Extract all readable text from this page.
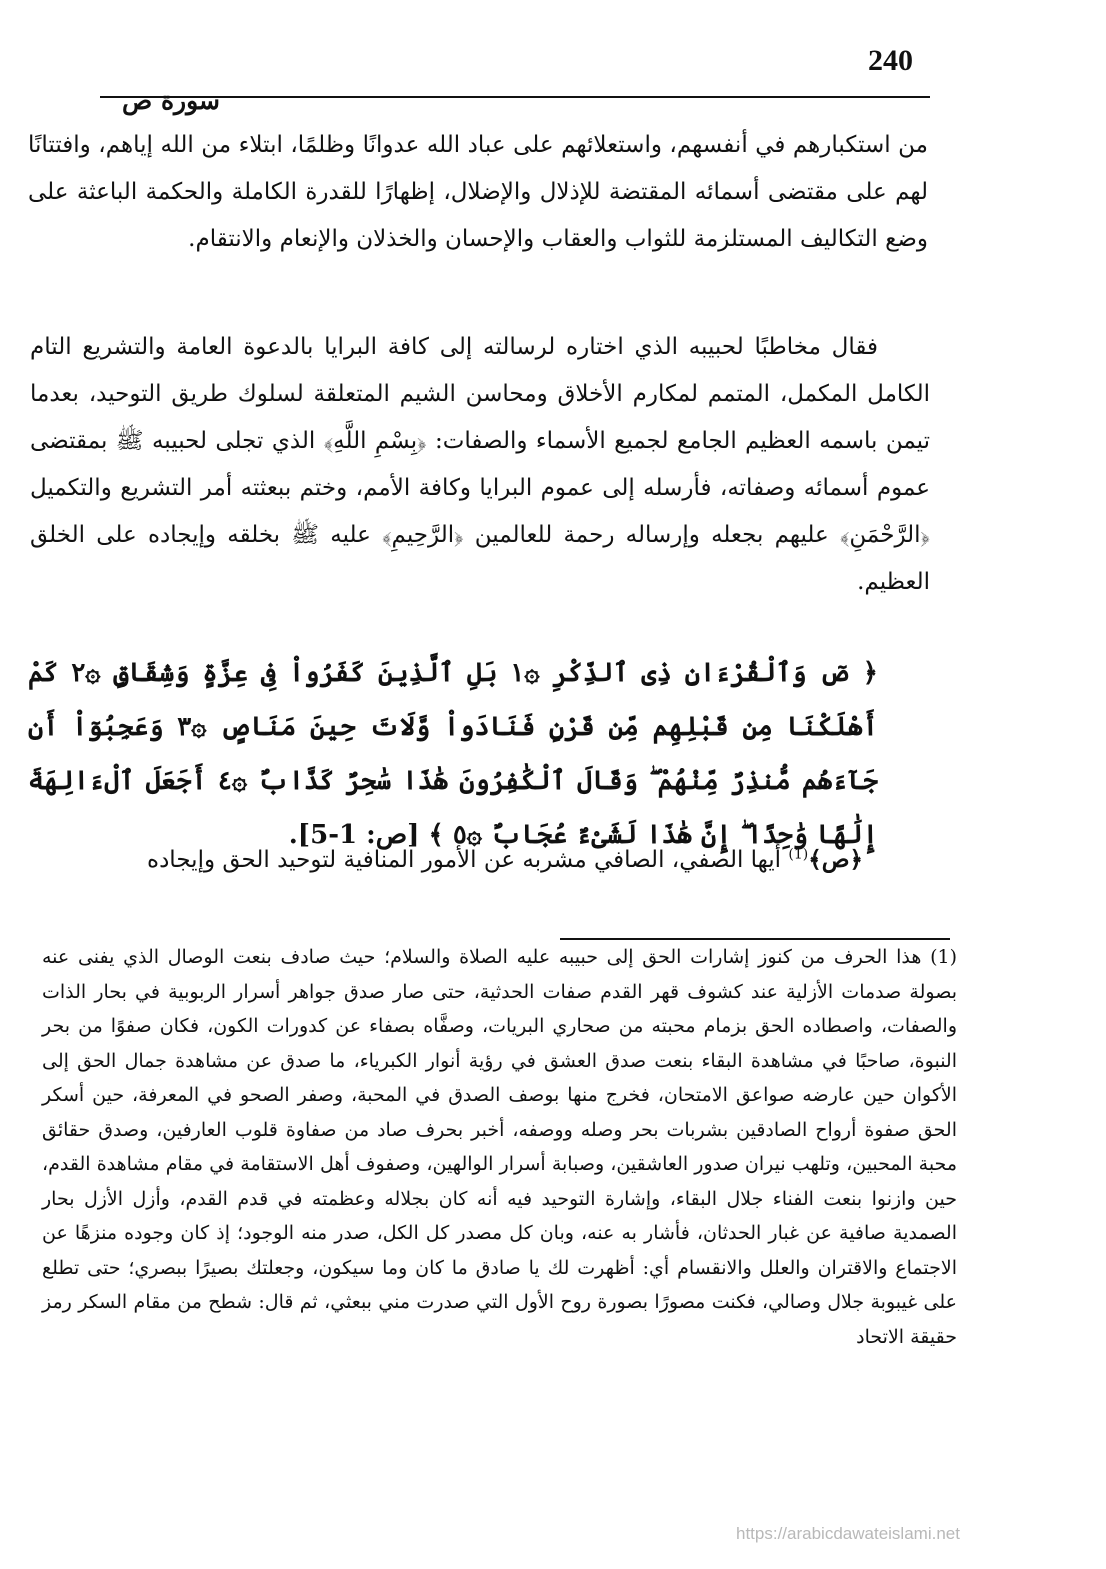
240
سورة ص
من استكبارهم في أنفسهم، واستعلائهم على عباد الله عدوانًا وظلمًا، ابتلاء من الله إياهم، وافتتانًا لهم على مقتضى أسمائه المقتضة للإذلال والإضلال، إظهارًا للقدرة الكاملة والحكمة الباعثة على وضع التكاليف المستلزمة للثواب والعقاب والإحسان والخذلان والإنعام والانتقام.
فقال مخاطبًا لحبيبه الذي اختاره لرسالته إلى كافة البرايا بالدعوة العامة والتشريع التام الكامل المكمل، المتمم لمكارم الأخلاق ومحاسن الشيم المتعلقة لسلوك طريق التوحيد، بعدما تيمن باسمه العظيم الجامع لجميع الأسماء والصفات: ﴿بِسْمِ اللَّهِ﴾ الذي تجلى لحبيبه ﷺ بمقتضى عموم أسمائه وصفاته، فأرسله إلى عموم البرايا وكافة الأمم، وختم ببعثته أمر التشريع والتكميل ﴿الرَّحْمَنِ﴾ عليهم بجعله وإرساله رحمة للعالمين ﴿الرَّحِيمِ﴾ عليه ﷺ بخلقه وإيجاده على الخلق العظيم.
﴿ صٓ وَٱلْقُرْءَانِ ذِى ٱلذِّكْرِ ۞١ بَلِ ٱلَّذِينَ كَفَرُواْ فِى عِزَّةٍ وَشِقَاقٍ ۞٢ كَمْ أَهْلَكْنَا مِن قَبْلِهِم مِّن قَرْنٍ فَنَادَواْ وَّلَاتَ حِينَ مَنَاصٍ ۞٣ وَعَجِبُوٓاْ أَن جَآءَهُم مُّنذِرٌ مِّنْهُمْ ۖ وَقَالَ ٱلْكَٰفِرُونَ هَٰذَا سَٰحِرٌ كَذَّابٌ ۞٤ أَجَعَلَ ٱلْءَالِهَةَ إِلَٰهًا وَٰحِدًا ۖ إِنَّ هَٰذَا لَشَىْءٌ عُجَابٌ ۞٥ ﴾ [ص: 1-5].
﴿ص﴾$^{(1)}$ أيها الصفي، الصافي مشربه عن الأمور المنافية لتوحيد الحق وإيجاده
(1) هذا الحرف من كنوز إشارات الحق إلى حبيبه عليه الصلاة والسلام؛ حيث صادف بنعت الوصال الذي يفنى عنه بصولة صدمات الأزلية عند كشوف قهر القدم صفات الحدثية، حتى صار صدق جواهر أسرار الربوبية في بحار الذات والصفات، واصطاده الحق بزمام محبته من صحاري البريات، وصفَّاه بصفاء عن كدورات الكون، فكان صفوًا من بحر النبوة، صاحبًا في مشاهدة البقاء بنعت صدق العشق في رؤية أنوار الكبرياء، ما صدق عن مشاهدة جمال الحق إلى الأكوان حين عارضه صواعق الامتحان، فخرج منها بوصف الصدق في المحبة، وصفر الصحو في المعرفة، حين أسكر الحق صفوة أرواح الصادقين بشربات بحر وصله ووصفه، أخبر بحرف صاد من صفاوة قلوب العارفين، وصدق حقائق محبة المحبين، وتلهب نيران صدور العاشقين، وصبابة أسرار الوالهين، وصفوف أهل الاستقامة في مقام مشاهدة القدم، حين وازنوا بنعت الفناء جلال البقاء، وإشارة التوحيد فيه أنه كان بجلاله وعظمته في قدم القدم، وأزل الأزل بحار الصمدية صافية عن غبار الحدثان، فأشار به عنه، وبان كل مصدر كل الكل، صدر منه الوجود؛ إذ كان وجوده منزهًا عن الاجتماع والاقتران والعلل والانقسام أي: أظهرت لك يا صادق ما كان وما سيكون، وجعلتك بصيرًا ببصري؛ حتى تطلع على غيبوبة جلال وصالي، فكنت مصورًا بصورة روح الأول التي صدرت مني ببعثي، ثم قال: شطح من مقام السكر رمز حقيقة الاتحاد
https://arabicdawateislami.net
